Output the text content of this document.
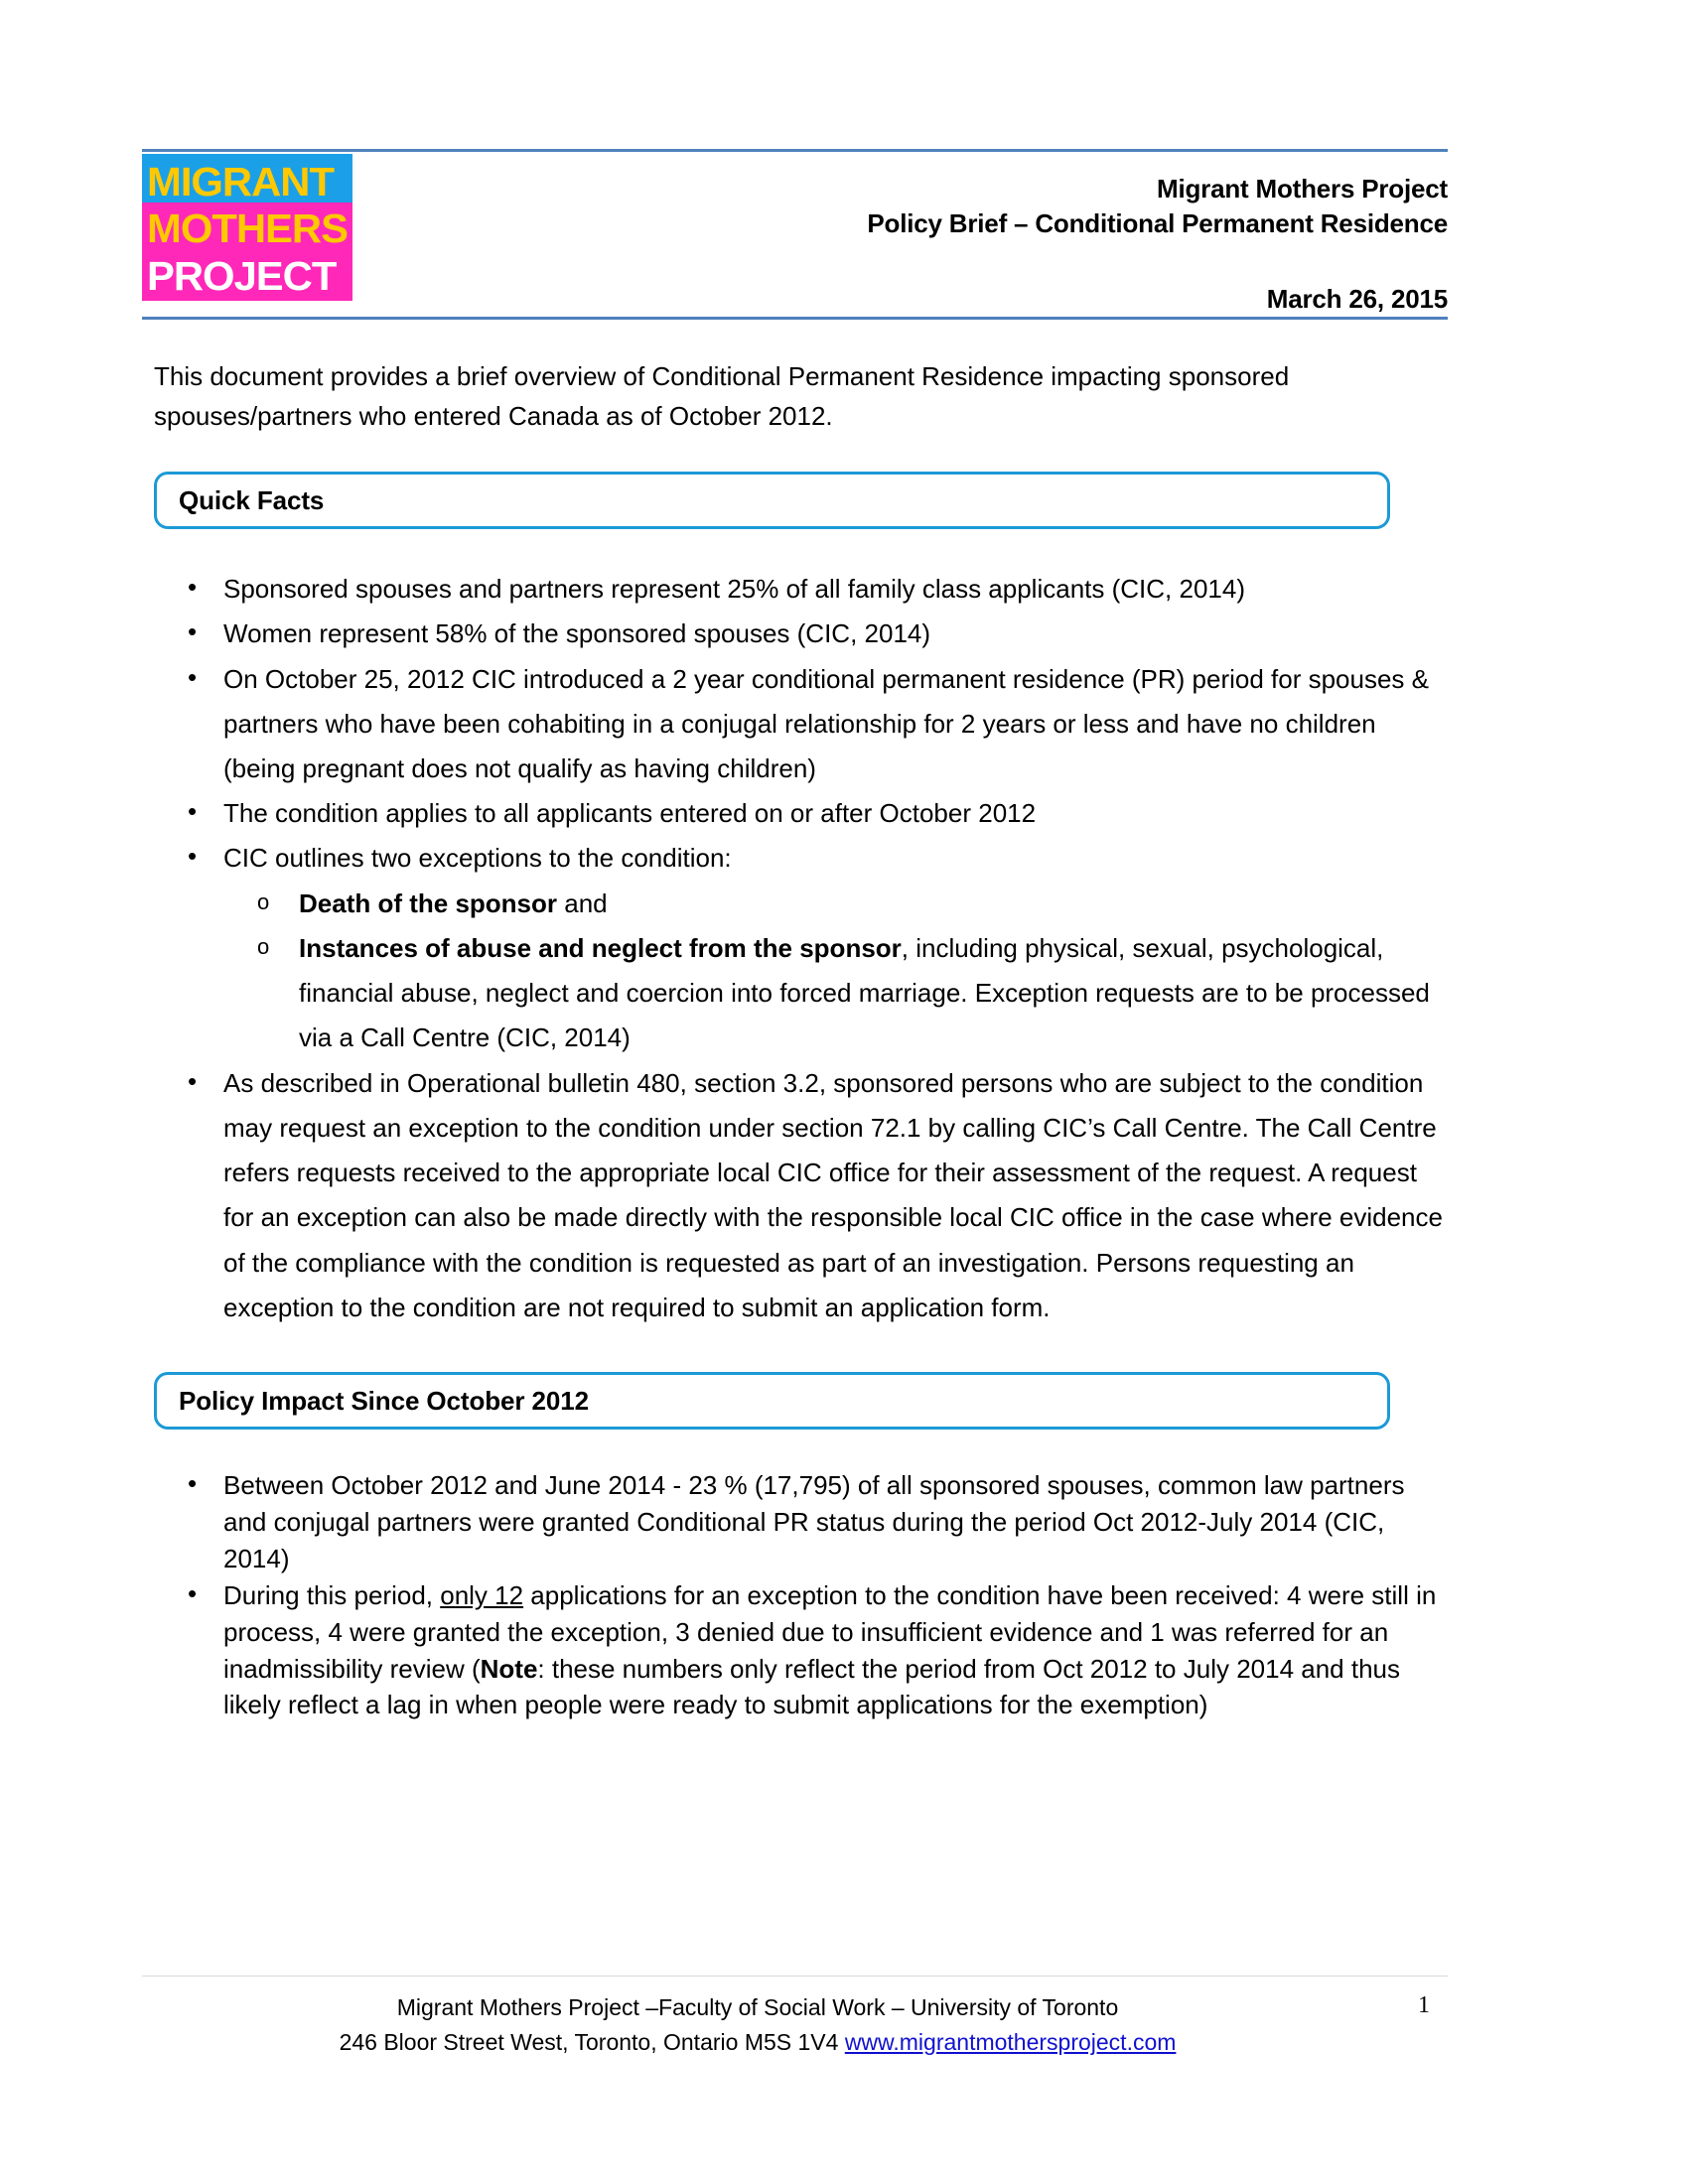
MIGRANT
MOTHERS
PROJECT
Migrant Mothers Project
Policy Brief – Conditional Permanent Residence
March 26, 2015

This document provides a brief overview of Conditional Permanent Residence impacting sponsored spouses/partners who entered Canada as of October 2012.

Quick Facts
• Sponsored spouses and partners represent 25% of all family class applicants (CIC, 2014)
• Women represent 58% of the sponsored spouses (CIC, 2014)
• On October 25, 2012 CIC introduced a 2 year conditional permanent residence (PR) period for spouses & partners who have been cohabiting in a conjugal relationship for 2 years or less and have no children (being pregnant does not qualify as having children)
• The condition applies to all applicants entered on or after October 2012
• CIC outlines two exceptions to the condition:
o Death of the sponsor and
o Instances of abuse and neglect from the sponsor, including physical, sexual, psychological, financial abuse, neglect and coercion into forced marriage. Exception requests are to be processed via a Call Centre (CIC, 2014)
• As described in Operational bulletin 480, section 3.2, sponsored persons who are subject to the condition may request an exception to the condition under section 72.1 by calling CIC’s Call Centre. The Call Centre refers requests received to the appropriate local CIC office for their assessment of the request. A request for an exception can also be made directly with the responsible local CIC office in the case where evidence of the compliance with the condition is requested as part of an investigation. Persons requesting an exception to the condition are not required to submit an application form.
Policy Impact Since October 2012
• Between October 2012 and June 2014 - 23 % (17,795) of all sponsored spouses, common law partners and conjugal partners were granted Conditional PR status during the period Oct 2012-July 2014 (CIC, 2014)
• During this period, only 12 applications for an exception to the condition have been received: 4 were still in process, 4 were granted the exception, 3 denied due to insufficient evidence and 1 was referred for an inadmissibility review (Note: these numbers only reflect the period from Oct 2012 to July 2014 and thus likely reflect a lag in when people were ready to submit applications for the exemption)
Migrant Mothers Project –Faculty of Social Work – University of Toronto
246 Bloor Street West, Toronto, Ontario M5S 1V4 www.migrantmothersproject.com
1
